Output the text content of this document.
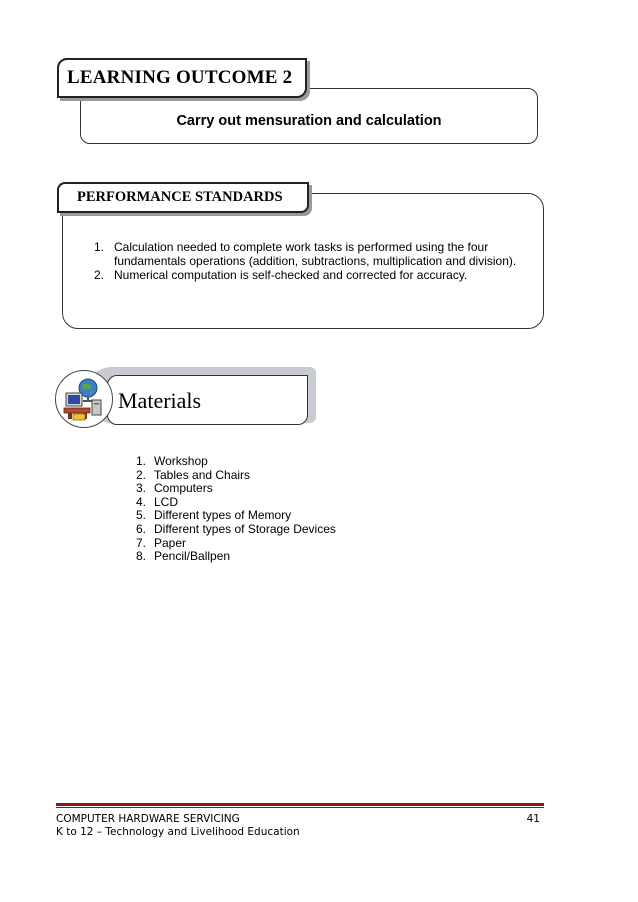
Carry out mensuration and calculation
LEARNING OUTCOME 2
PERFORMANCE STANDARDS
1. Calculation needed to complete work tasks is performed using the four fundamentals operations (addition, subtractions, multiplication and division).
2. Numerical computation is self-checked and corrected for accuracy.
Materials
1. Workshop
2. Tables and Chairs
3. Computers
4. LCD
5. Different types of Memory
6. Different types of Storage Devices
7. Paper
8. Pencil/Ballpen
COMPUTER HARDWARE SERVICING
K to 12 – Technology and Livelihood Education
41
